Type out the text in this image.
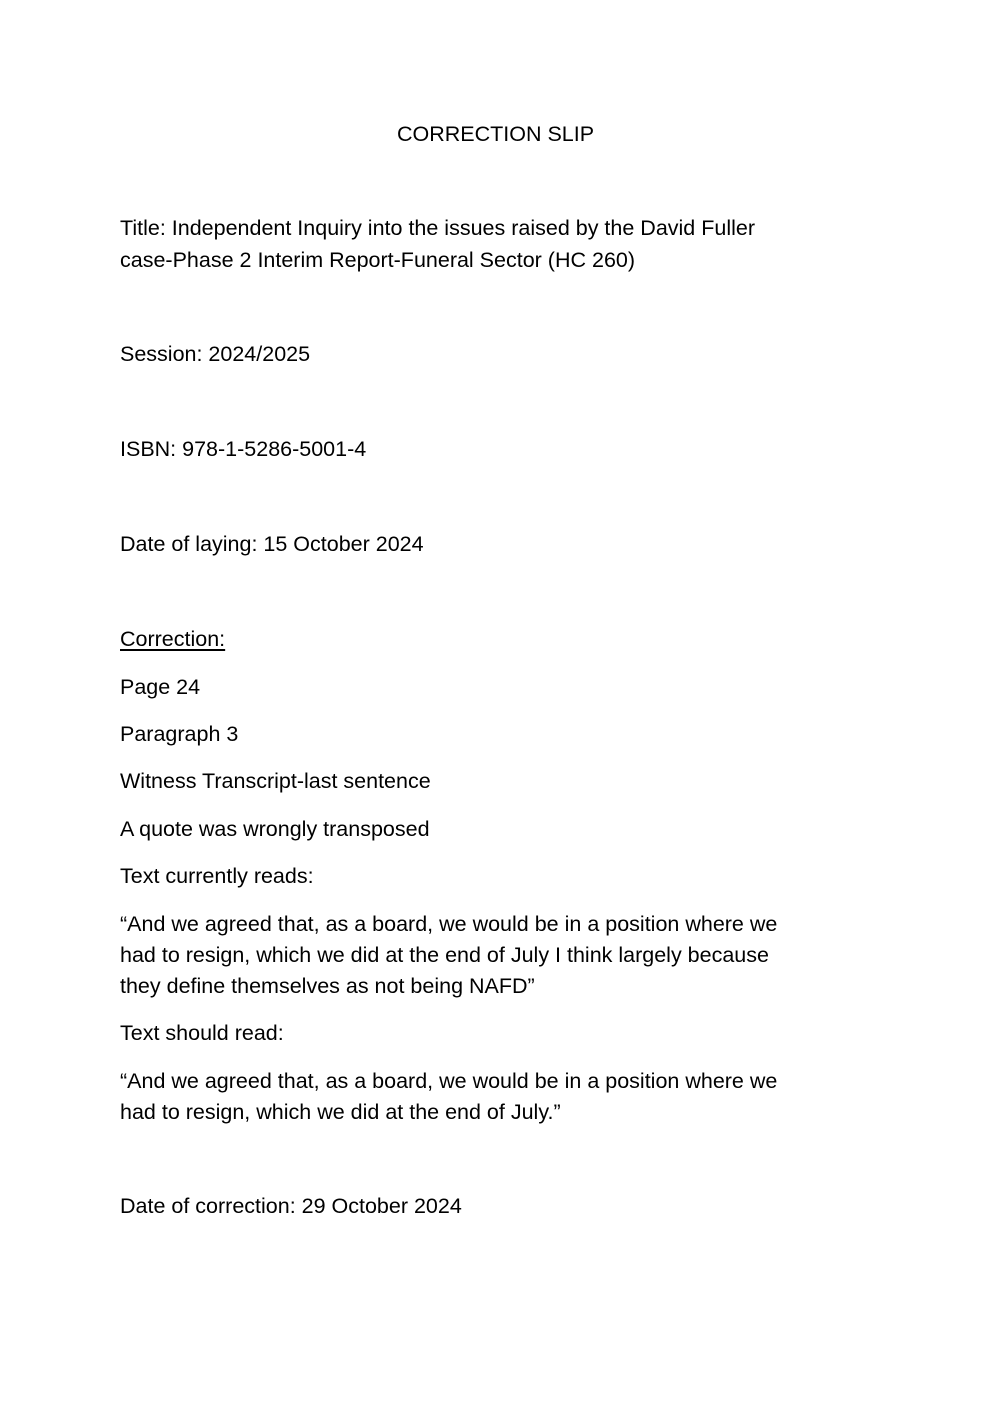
CORRECTION SLIP

Title: Independent Inquiry into the issues raised by the David Fuller

case-Phase 2 Interim Report-Funeral Sector (HC 260)

Session: 2024/2025

ISBN: 978-1-5286-5001-4

Date of laying: 15 October 2024

Correction:

Page 24

Paragraph 3

Witness Transcript-last sentence

A quote was wrongly transposed

Text currently reads:

“And we agreed that, as a board, we would be in a position where we

had to resign, which we did at the end of July I think largely because

they define themselves as not being NAFD”

Text should read:

“And we agreed that, as a board, we would be in a position where we

had to resign, which we did at the end of July.”

Date of correction: 29 October 2024
